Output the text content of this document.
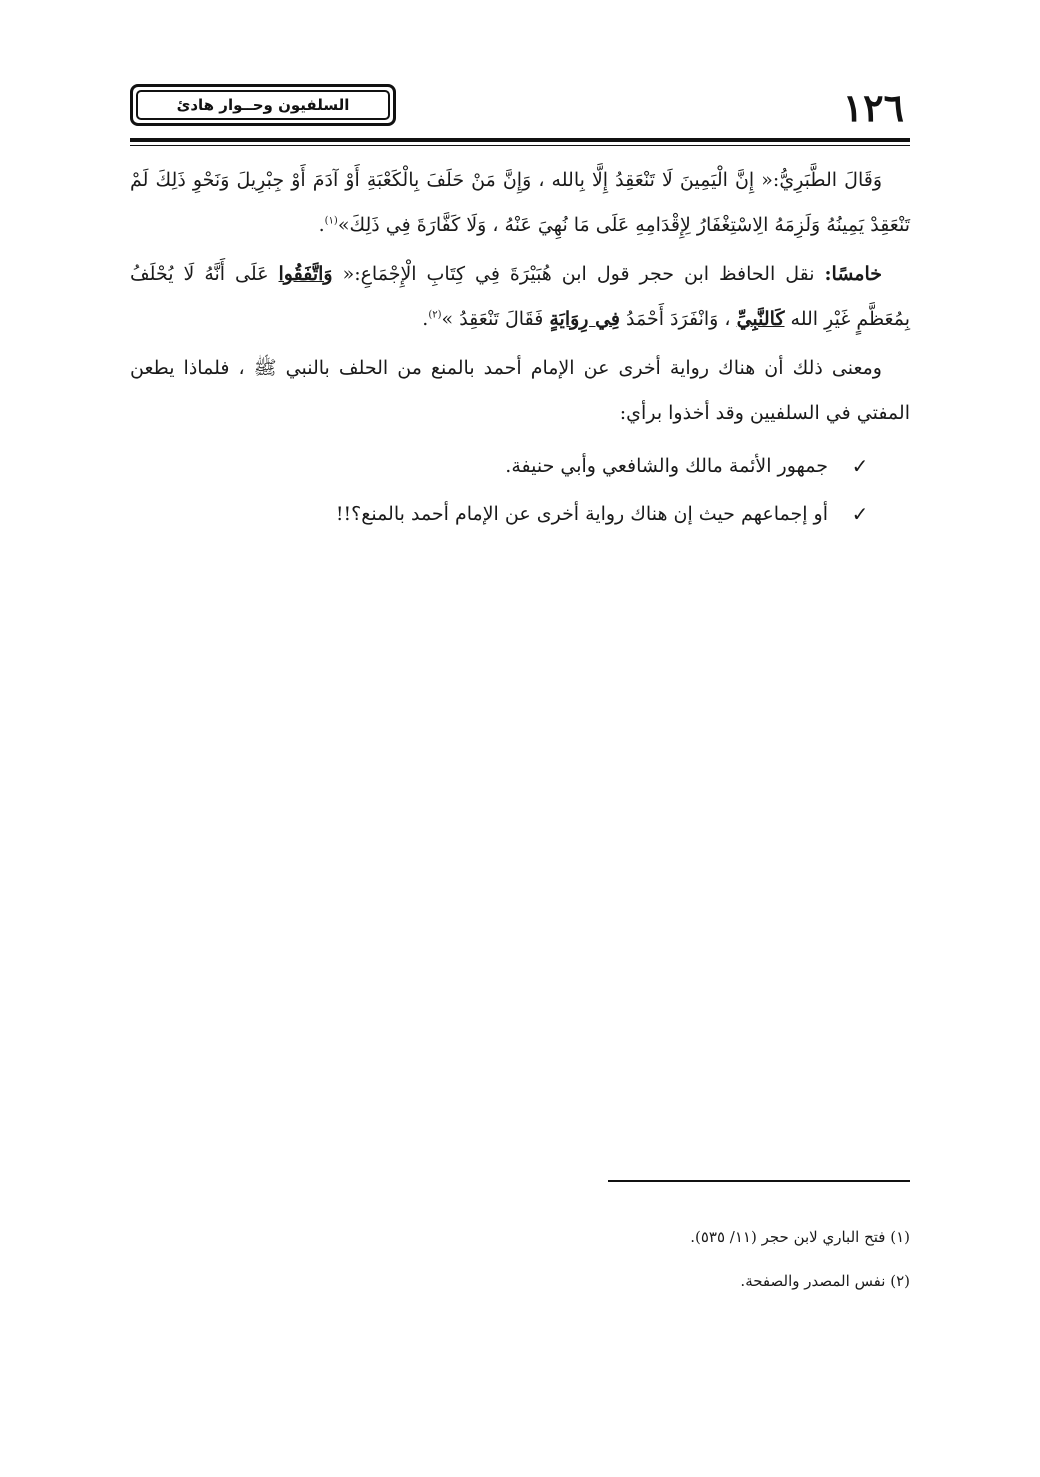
السلفيون وحــوار هادئ	١٢٦

وَقَالَ الطَّبَرِيُّ:« إِنَّ الْيَمِينَ لَا تَنْعَقِدُ إِلَّا بِالله ، وَإِنَّ مَنْ حَلَفَ بِالْكَعْبَةِ أَوْ آدَمَ أَوْ جِبْرِيلَ وَنَحْوِ ذَلِكَ لَمْ تَنْعَقِدْ يَمِينُهُ وَلَزِمَهُ الِاسْتِغْفَارُ لِإِقْدَامِهِ عَلَى مَا نُهِيَ عَنْهُ ، وَلَا كَفَّارَةَ فِي ذَلِكَ»$^{(١)}$.

خامسًا: نقل الحافظ ابن حجر قول ابن هُبَيْرَةَ فِي كِتَابِ الْإِجْمَاعِ:« وَاتَّفَقُوا عَلَى أَنَّهُ لَا يُحْلَفُ بِمُعَظَّمٍ غَيْرِ الله كَالنَّبِيِّ ، وَانْفَرَدَ أَحْمَدُ فِي رِوَايَةٍ فَقَالَ تَنْعَقِدُ »$^{(٢)}$.

ومعنى ذلك أن هناك رواية أخرى عن الإمام أحمد بالمنع من الحلف بالنبي ﷺ ، فلماذا يطعن المفتي في السلفيين وقد أخذوا برأي:

✓
جمهور الأئمة مالك والشافعي وأبي حنيفة.
✓
أو إجماعهم حيث إن هناك رواية أخرى عن الإمام أحمد بالمنع؟!!

(١) فتح الباري لابن حجر (١١/ ٥٣٥).

(٢) نفس المصدر والصفحة.
